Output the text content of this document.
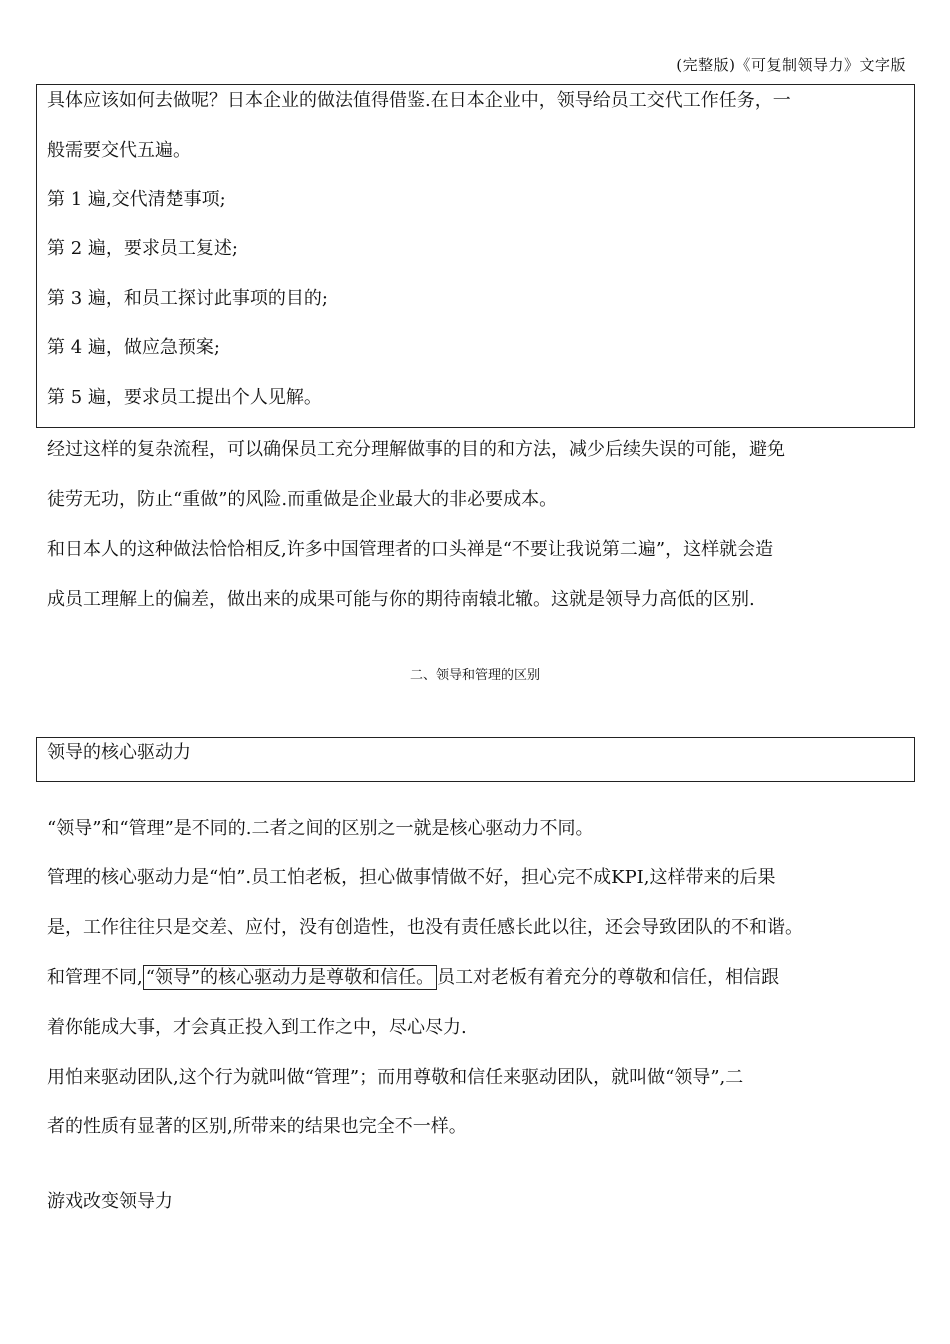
(完整版)《可复制领导力》文字版
具体应该如何去做呢？日本企业的做法值得借鉴.在日本企业中，领导给员工交代工作任务，一
般需要交代五遍。
第 1 遍,交代清楚事项;
第 2 遍，要求员工复述;
第 3 遍，和员工探讨此事项的目的;
第 4 遍，做应急预案;
第 5 遍，要求员工提出个人见解。
经过这样的复杂流程，可以确保员工充分理解做事的目的和方法，减少后续失误的可能，避免
徒劳无功，防止“重做”的风险.而重做是企业最大的非必要成本。
和日本人的这种做法恰恰相反,许多中国管理者的口头禅是“不要让我说第二遍”，这样就会造
成员工理解上的偏差，做出来的成果可能与你的期待南辕北辙。这就是领导力高低的区别.
二、领导和管理的区别
领导的核心驱动力
“领导”和“管理”是不同的.二者之间的区别之一就是核心驱动力不同。
管理的核心驱动力是“怕”.员工怕老板，担心做事情做不好，担心完不成KPI,这样带来的后果
是，工作往往只是交差、应付，没有创造性，也没有责任感长此以往，还会导致团队的不和谐。
和管理不同, “领导”的核心驱动力是尊敬和信任。 员工对老板有着充分的尊敬和信任，相信跟
着你能成大事，才会真正投入到工作之中，尽心尽力.
用怕来驱动团队,这个行为就叫做“管理”；而用尊敬和信任来驱动团队，就叫做“领导”,二
者的性质有显著的区别,所带来的结果也完全不一样。
游戏改变领导力
